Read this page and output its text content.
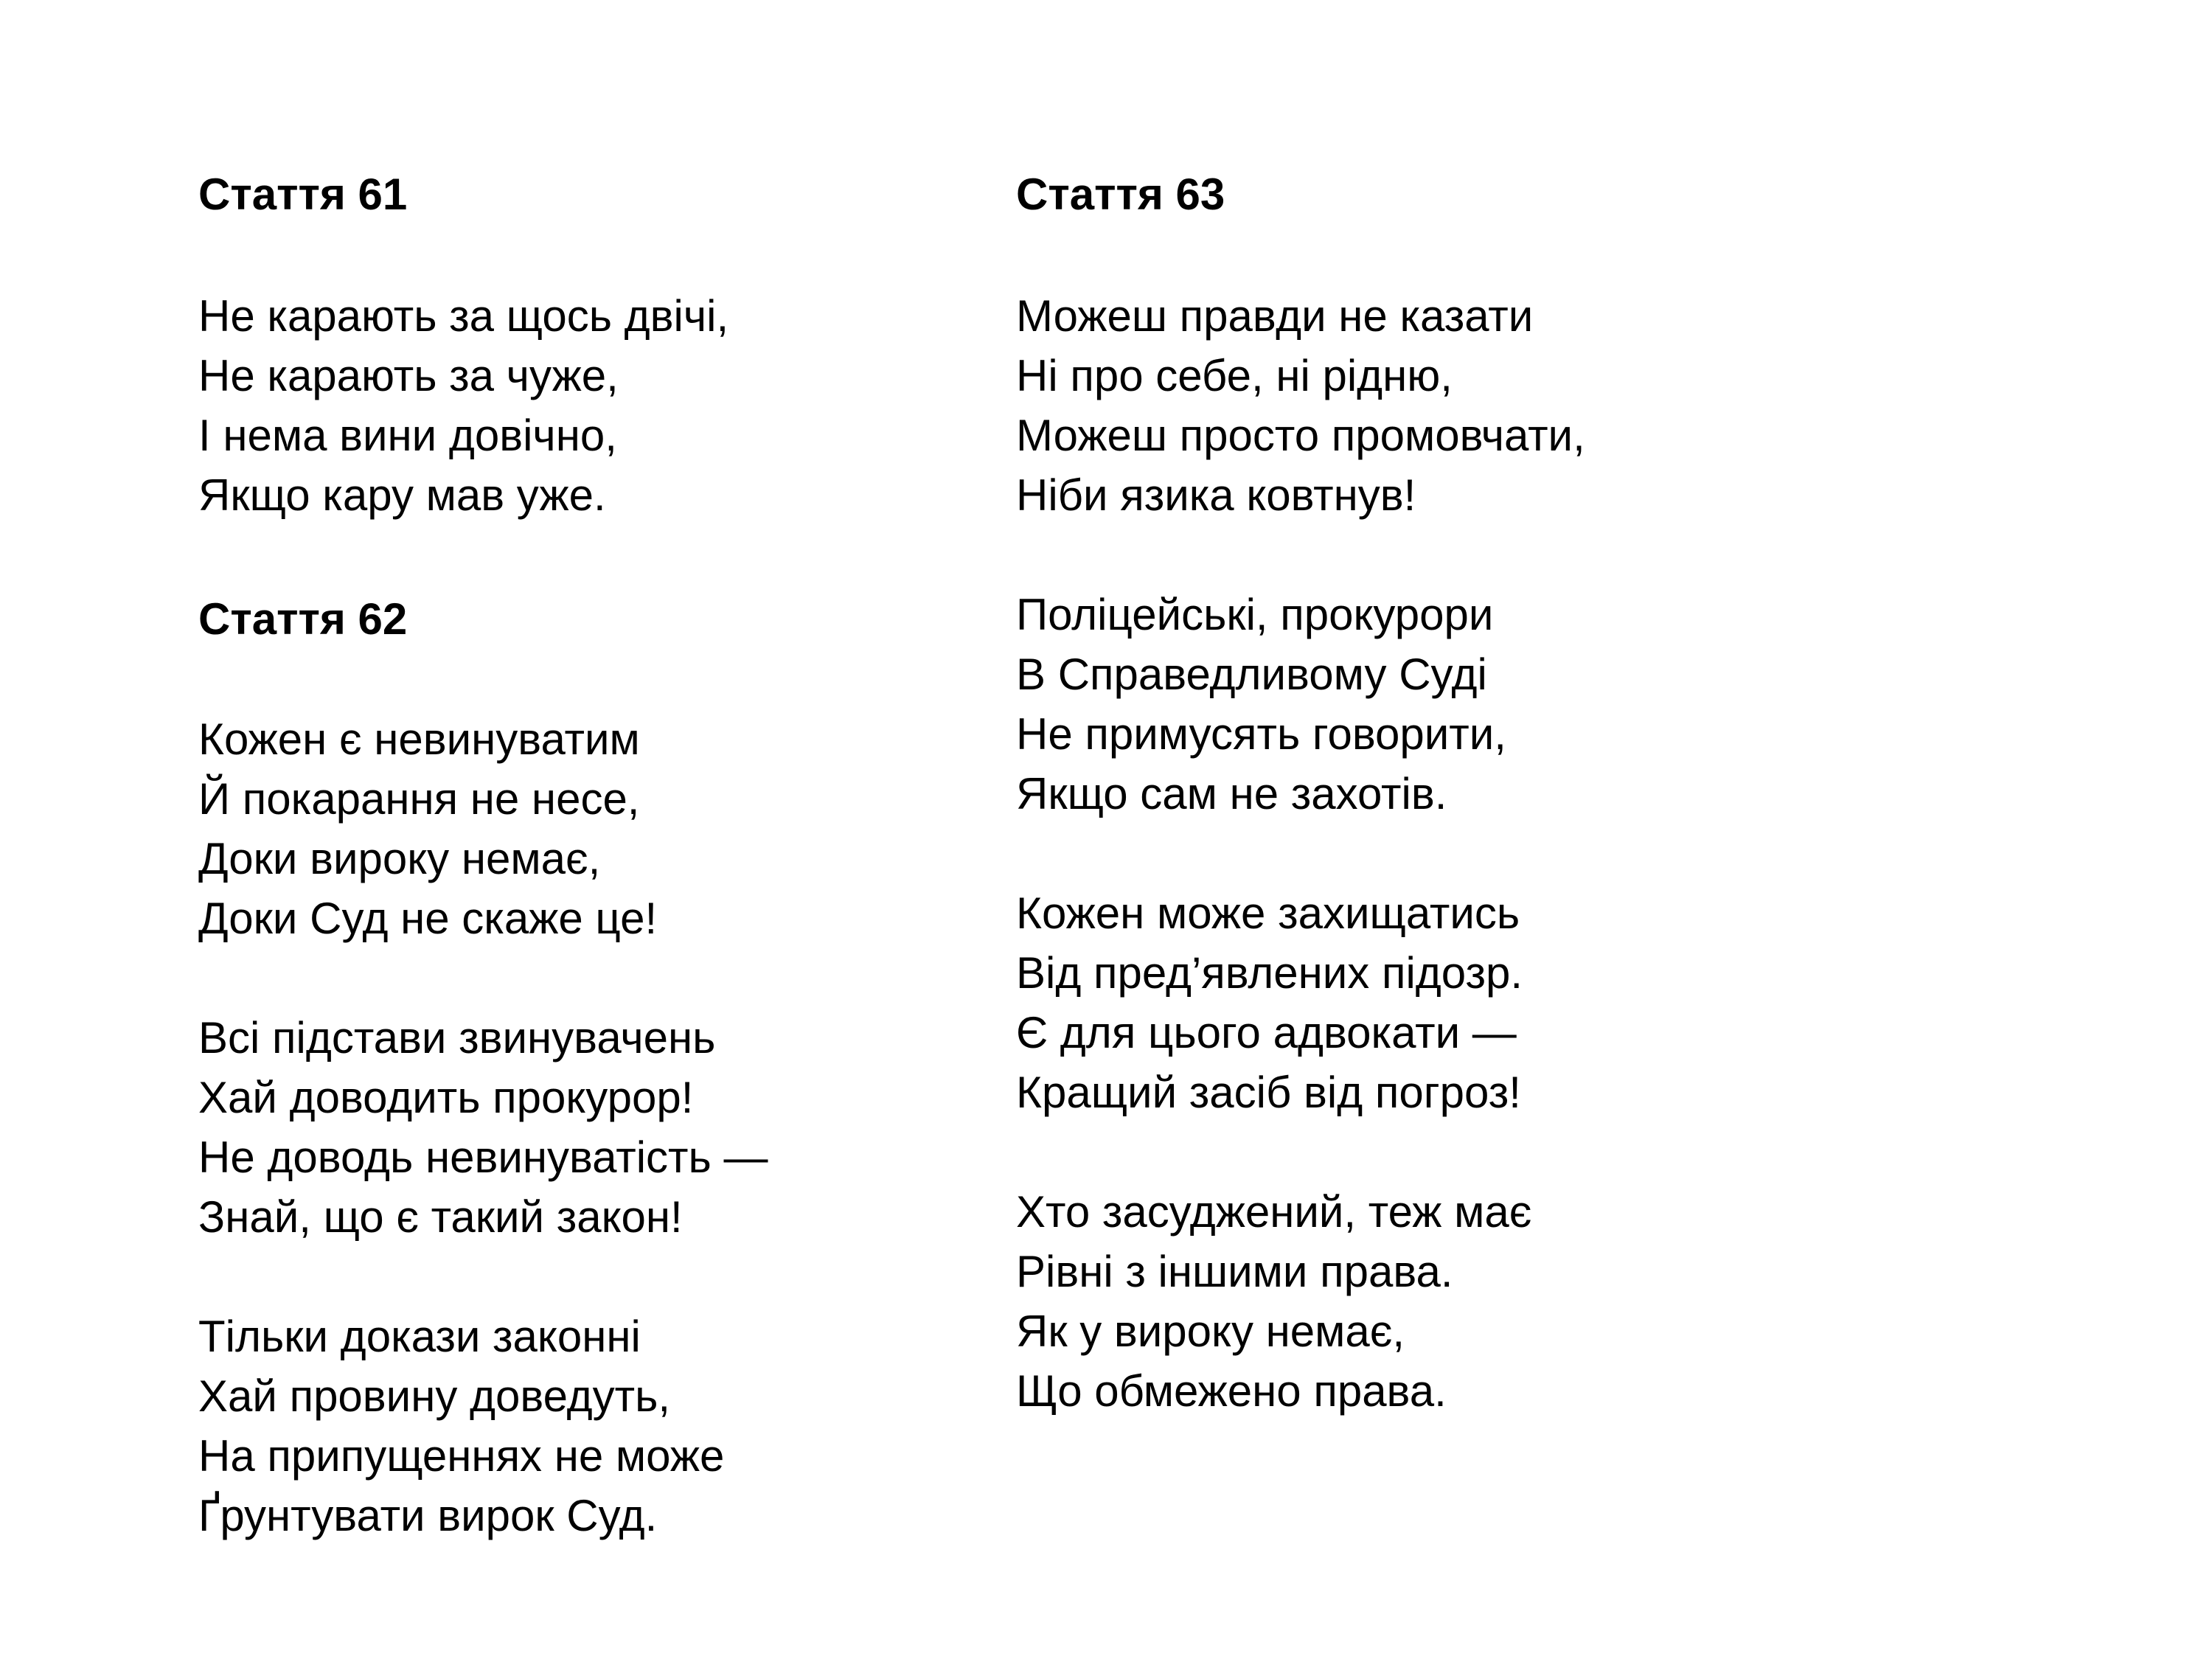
Стаття 61
Не карають за щось двічі,
Не карають за чуже,
І нема вини довічно,
Якщо кару мав уже.
Стаття 62
Кожен є невинуватим
Й покарання не несе,
Доки вироку немає,
Доки Суд не скаже це!
Всі підстави звинувачень
Хай доводить прокурор!
Не доводь невинуватість —
Знай, що є такий закон!
Тільки докази законні
Хай провину доведуть,
На припущеннях не може
Ґрунтувати вирок Суд.
Стаття 63
Можеш правди не казати
Ні про себе, ні рідню,
Можеш просто промовчати,
Ніби язика ковтнув!
Поліцейські, прокурори
В Справедливому Суді
Не примусять говорити,
Якщо сам не захотів.
Кожен може захищатись
Від пред’явлених підозр.
Є для цього адвокати —
Кращий засіб від погроз!
Хто засуджений, теж має
Рівні з іншими права.
Як у вироку немає,
Що обмежено права.
